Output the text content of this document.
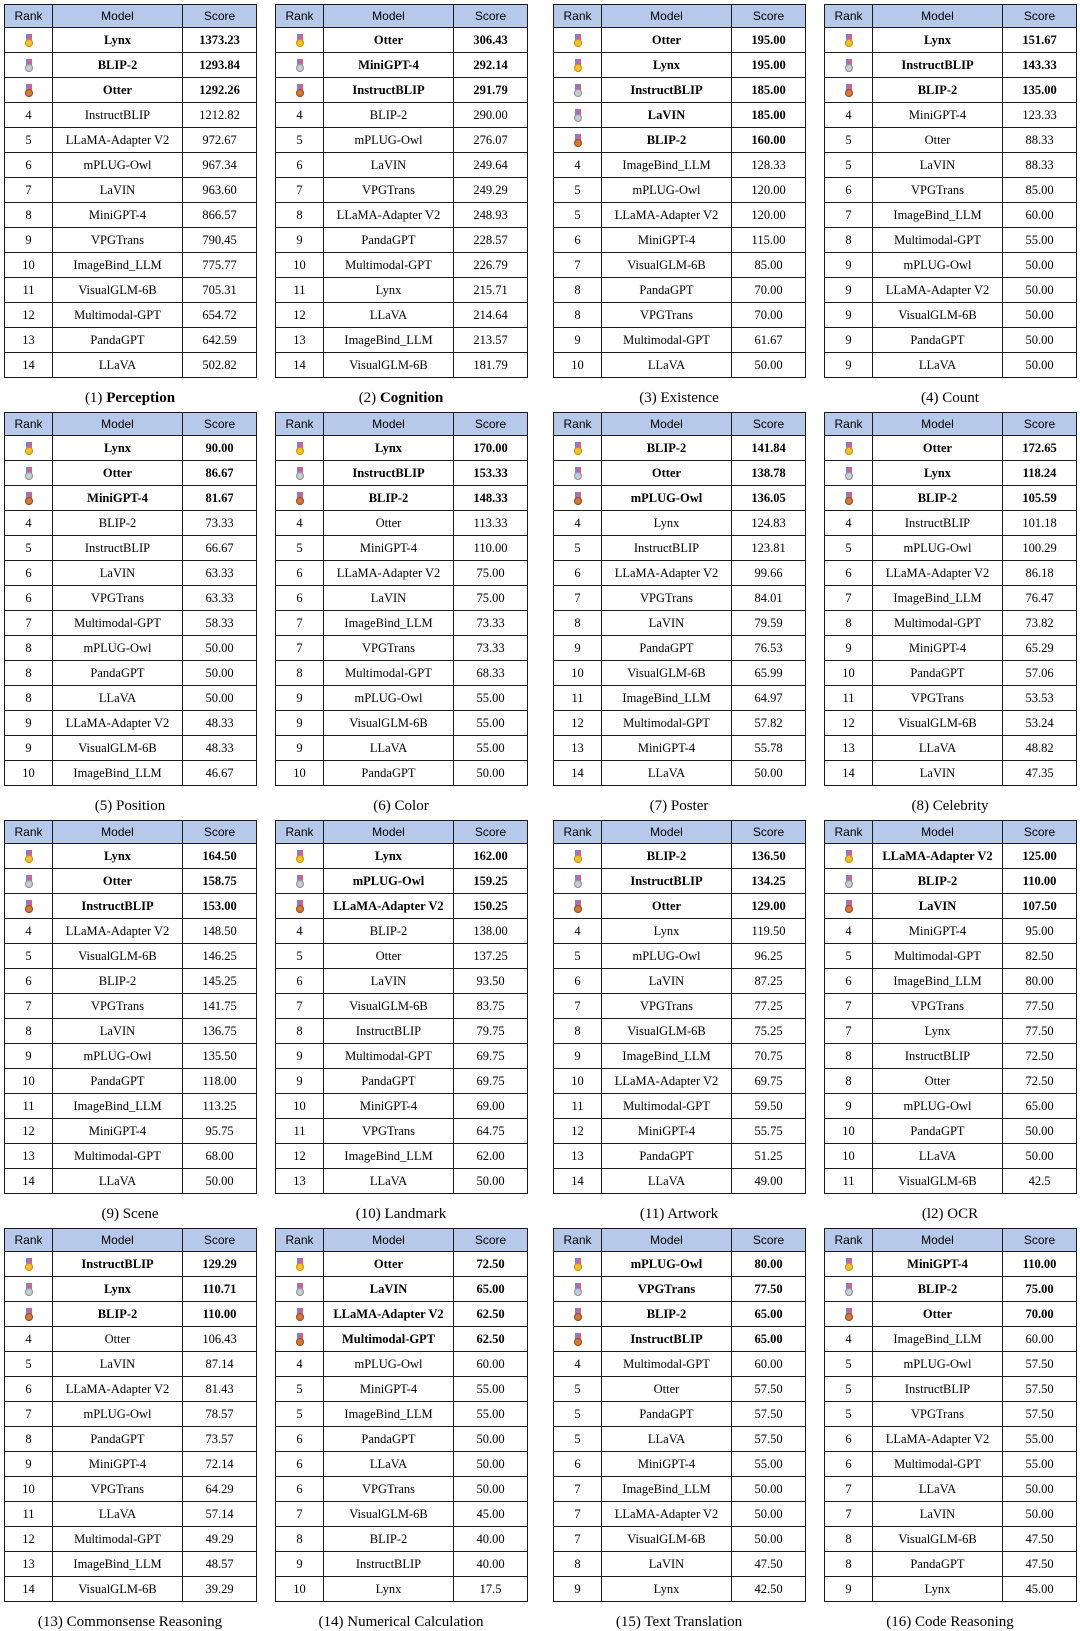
Rank	Model	Score

	Lynx	1373.23

	BLIP-2	1293.84

	Otter	1292.26
4	InstructBLIP	1212.82
5	LLaMA-Adapter V2	972.67
6	mPLUG-Owl	967.34
7	LaVIN	963.60
8	MiniGPT-4	866.57
9	VPGTrans	790.45
10	ImageBind_LLM	775.77
11	VisualGLM-6B	705.31
12	Multimodal-GPT	654.72
13	PandaGPT	642.59
14	LLaVA	502.82
(1) Perception
Rank	Model	Score

	Otter	306.43

	MiniGPT-4	292.14

	InstructBLIP	291.79
4	BLIP-2	290.00
5	mPLUG-Owl	276.07
6	LaVIN	249.64
7	VPGTrans	249.29
8	LLaMA-Adapter V2	248.93
9	PandaGPT	228.57
10	Multimodal-GPT	226.79
11	Lynx	215.71
12	LLaVA	214.64
13	ImageBind_LLM	213.57
14	VisualGLM-6B	181.79
(2) Cognition
Rank	Model	Score

	Otter	195.00

	Lynx	195.00

	InstructBLIP	185.00

	LaVIN	185.00

	BLIP-2	160.00
4	ImageBind_LLM	128.33
5	mPLUG-Owl	120.00
5	LLaMA-Adapter V2	120.00
6	MiniGPT-4	115.00
7	VisualGLM-6B	85.00
8	PandaGPT	70.00
8	VPGTrans	70.00
9	Multimodal-GPT	61.67
10	LLaVA	50.00
(3) Existence
Rank	Model	Score

	Lynx	151.67

	InstructBLIP	143.33

	BLIP-2	135.00
4	MiniGPT-4	123.33
5	Otter	88.33
5	LaVIN	88.33
6	VPGTrans	85.00
7	ImageBind_LLM	60.00
8	Multimodal-GPT	55.00
9	mPLUG-Owl	50.00
9	LLaMA-Adapter V2	50.00
9	VisualGLM-6B	50.00
9	PandaGPT	50.00
9	LLaVA	50.00
(4) Count
Rank	Model	Score

	Lynx	90.00

	Otter	86.67

	MiniGPT-4	81.67
4	BLIP-2	73.33
5	InstructBLIP	66.67
6	LaVIN	63.33
6	VPGTrans	63.33
7	Multimodal-GPT	58.33
8	mPLUG-Owl	50.00
8	PandaGPT	50.00
8	LLaVA	50.00
9	LLaMA-Adapter V2	48.33
9	VisualGLM-6B	48.33
10	ImageBind_LLM	46.67
(5) Position
Rank	Model	Score

	Lynx	170.00

	InstructBLIP	153.33

	BLIP-2	148.33
4	Otter	113.33
5	MiniGPT-4	110.00
6	LLaMA-Adapter V2	75.00
6	LaVIN	75.00
7	ImageBind_LLM	73.33
7	VPGTrans	73.33
8	Multimodal-GPT	68.33
9	mPLUG-Owl	55.00
9	VisualGLM-6B	55.00
9	LLaVA	55.00
10	PandaGPT	50.00
(6) Color
Rank	Model	Score

	BLIP-2	141.84

	Otter	138.78

	mPLUG-Owl	136.05
4	Lynx	124.83
5	InstructBLIP	123.81
6	LLaMA-Adapter V2	99.66
7	VPGTrans	84.01
8	LaVIN	79.59
9	PandaGPT	76.53
10	VisualGLM-6B	65.99
11	ImageBind_LLM	64.97
12	Multimodal-GPT	57.82
13	MiniGPT-4	55.78
14	LLaVA	50.00
(7) Poster
Rank	Model	Score

	Otter	172.65

	Lynx	118.24

	BLIP-2	105.59
4	InstructBLIP	101.18
5	mPLUG-Owl	100.29
6	LLaMA-Adapter V2	86.18
7	ImageBind_LLM	76.47
8	Multimodal-GPT	73.82
9	MiniGPT-4	65.29
10	PandaGPT	57.06
11	VPGTrans	53.53
12	VisualGLM-6B	53.24
13	LLaVA	48.82
14	LaVIN	47.35
(8) Celebrity
Rank	Model	Score

	Lynx	164.50

	Otter	158.75

	InstructBLIP	153.00
4	LLaMA-Adapter V2	148.50
5	VisualGLM-6B	146.25
6	BLIP-2	145.25
7	VPGTrans	141.75
8	LaVIN	136.75
9	mPLUG-Owl	135.50
10	PandaGPT	118.00
11	ImageBind_LLM	113.25
12	MiniGPT-4	95.75
13	Multimodal-GPT	68.00
14	LLaVA	50.00
(9) Scene
Rank	Model	Score

	Lynx	162.00

	mPLUG-Owl	159.25

	LLaMA-Adapter V2	150.25
4	BLIP-2	138.00
5	Otter	137.25
6	LaVIN	93.50
7	VisualGLM-6B	83.75
8	InstructBLIP	79.75
9	Multimodal-GPT	69.75
9	PandaGPT	69.75
10	MiniGPT-4	69.00
11	VPGTrans	64.75
12	ImageBind_LLM	62.00
13	LLaVA	50.00
(10) Landmark
Rank	Model	Score

	BLIP-2	136.50

	InstructBLIP	134.25

	Otter	129.00
4	Lynx	119.50
5	mPLUG-Owl	96.25
6	LaVIN	87.25
7	VPGTrans	77.25
8	VisualGLM-6B	75.25
9	ImageBind_LLM	70.75
10	LLaMA-Adapter V2	69.75
11	Multimodal-GPT	59.50
12	MiniGPT-4	55.75
13	PandaGPT	51.25
14	LLaVA	49.00
(11) Artwork
Rank	Model	Score

	LLaMA-Adapter V2	125.00

	BLIP-2	110.00

	LaVIN	107.50
4	MiniGPT-4	95.00
5	Multimodal-GPT	82.50
6	ImageBind_LLM	80.00
7	VPGTrans	77.50
7	Lynx	77.50
8	InstructBLIP	72.50
8	Otter	72.50
9	mPLUG-Owl	65.00
10	PandaGPT	50.00
10	LLaVA	50.00
11	VisualGLM-6B	42.5
(l2) OCR
Rank	Model	Score

	InstructBLIP	129.29

	Lynx	110.71

	BLIP-2	110.00
4	Otter	106.43
5	LaVIN	87.14
6	LLaMA-Adapter V2	81.43
7	mPLUG-Owl	78.57
8	PandaGPT	73.57
9	MiniGPT-4	72.14
10	VPGTrans	64.29
11	LLaVA	57.14
12	Multimodal-GPT	49.29
13	ImageBind_LLM	48.57
14	VisualGLM-6B	39.29
(13) Commonsense Reasoning
Rank	Model	Score

	Otter	72.50

	LaVIN	65.00

	LLaMA-Adapter V2	62.50

	Multimodal-GPT	62.50
4	mPLUG-Owl	60.00
5	MiniGPT-4	55.00
5	ImageBind_LLM	55.00
6	PandaGPT	50.00
6	LLaVA	50.00
6	VPGTrans	50.00
7	VisualGLM-6B	45.00
8	BLIP-2	40.00
9	InstructBLIP	40.00
10	Lynx	17.5
(14) Numerical Calculation
Rank	Model	Score

	mPLUG-Owl	80.00

	VPGTrans	77.50

	BLIP-2	65.00

	InstructBLIP	65.00
4	Multimodal-GPT	60.00
5	Otter	57.50
5	PandaGPT	57.50
5	LLaVA	57.50
6	MiniGPT-4	55.00
7	ImageBind_LLM	50.00
7	LLaMA-Adapter V2	50.00
7	VisualGLM-6B	50.00
8	LaVIN	47.50
9	Lynx	42.50
(15) Text Translation
Rank	Model	Score

	MiniGPT-4	110.00

	BLIP-2	75.00

	Otter	70.00
4	ImageBind_LLM	60.00
5	mPLUG-Owl	57.50
5	InstructBLIP	57.50
5	VPGTrans	57.50
6	LLaMA-Adapter V2	55.00
6	Multimodal-GPT	55.00
7	LLaVA	50.00
7	LaVIN	50.00
8	VisualGLM-6B	47.50
8	PandaGPT	47.50
9	Lynx	45.00
(16) Code Reasoning
